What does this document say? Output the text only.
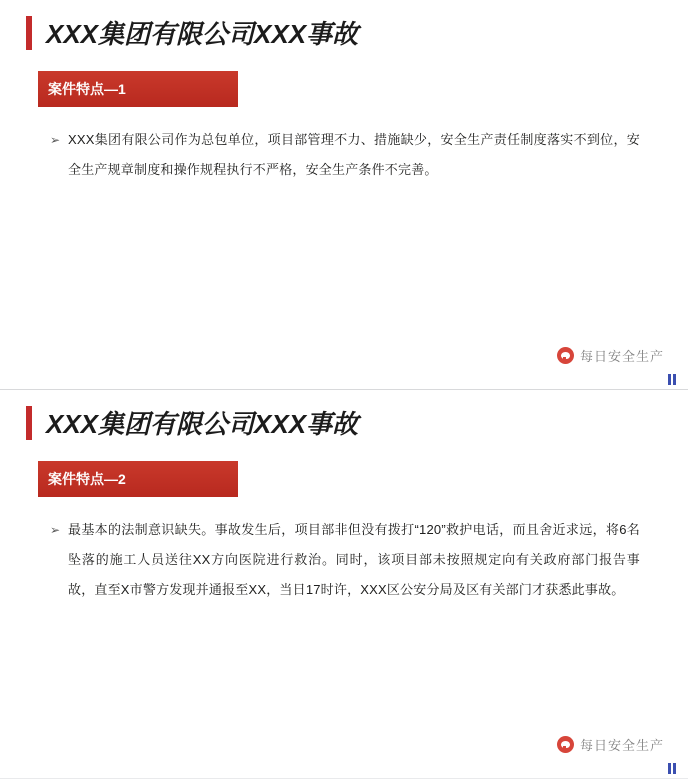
XXX集团有限公司XXX事故
案件特点—1
➢ XXX集团有限公司作为总包单位，项目部管理不力、措施缺少，安全生产责任制度落实不到位，安全生产规章制度和操作规程执行不严格，安全生产条件不完善。
每日安全生产
XXX集团有限公司XXX事故
案件特点—2
➢ 最基本的法制意识缺失。事故发生后，项目部非但没有拨打“120”救护电话，而且舍近求远，将6名坠落的施工人员送往XX方向医院进行救治。同时，该项目部未按照规定向有关政府部门报告事故，直至X市警方发现并通报至XX，当日17时许，XXX区公安分局及区有关部门才获悉此事故。
每日安全生产
